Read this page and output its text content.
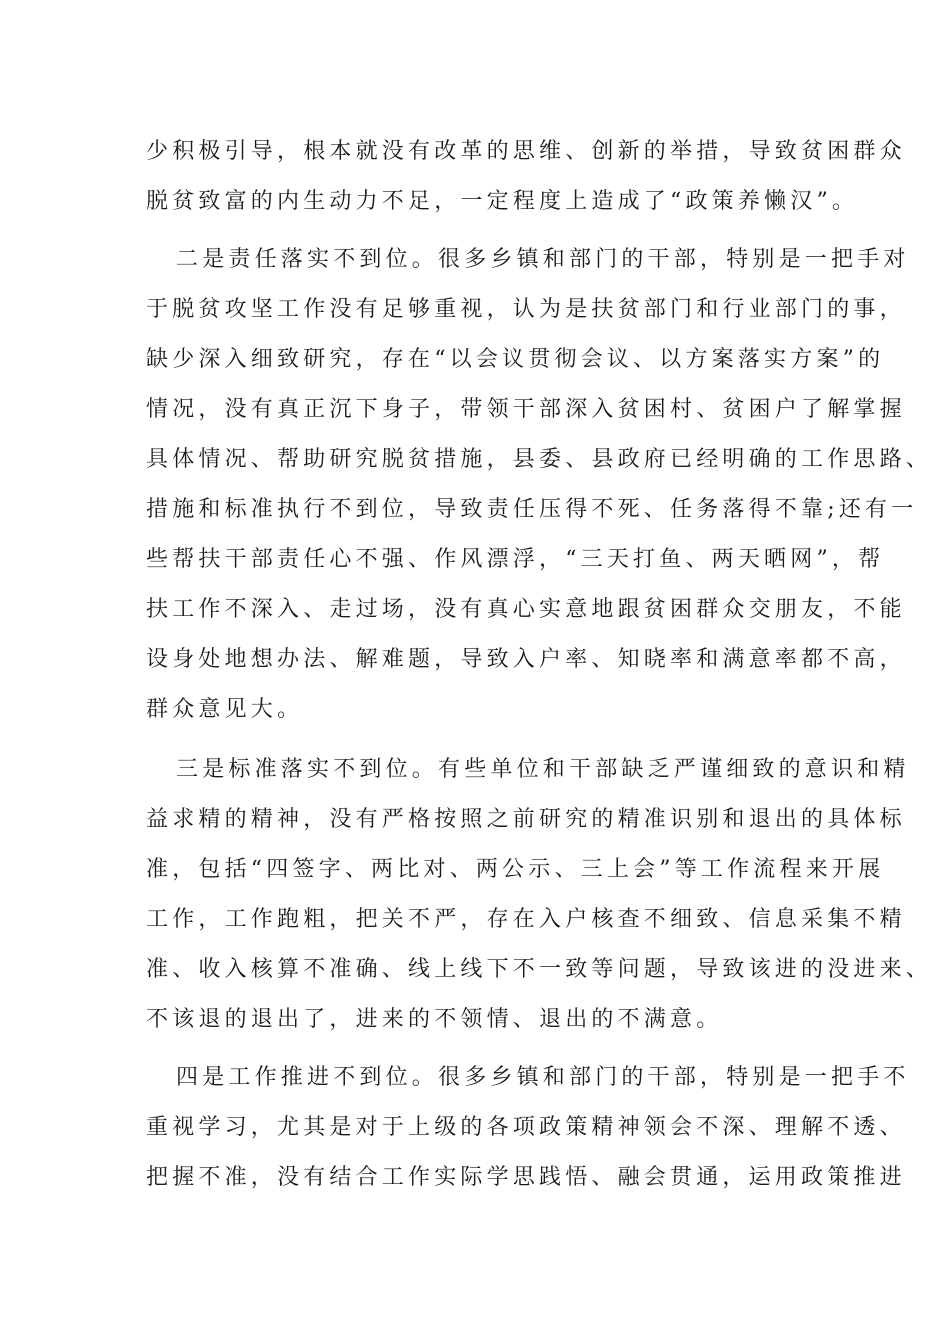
少积极引导，根本就没有改革的思维、创新的举措，导致贫困群众
脱贫致富的内生动力不足，一定程度上造成了“政策养懒汉”。
二是责任落实不到位。很多乡镇和部门的干部，特别是一把手对
于脱贫攻坚工作没有足够重视，认为是扶贫部门和行业部门的事，
缺少深入细致研究，存在“以会议贯彻会议、以方案落实方案”的
情况，没有真正沉下身子，带领干部深入贫困村、贫困户了解掌握
具体情况、帮助研究脱贫措施，县委、县政府已经明确的工作思路、
措施和标准执行不到位，导致责任压得不死、任务落得不靠;还有一
些帮扶干部责任心不强、作风漂浮，“三天打鱼、两天晒网”，帮
扶工作不深入、走过场，没有真心实意地跟贫困群众交朋友，不能
设身处地想办法、解难题，导致入户率、知晓率和满意率都不高，
群众意见大。
三是标准落实不到位。有些单位和干部缺乏严谨细致的意识和精
益求精的精神，没有严格按照之前研究的精准识别和退出的具体标
准，包括“四签字、两比对、两公示、三上会”等工作流程来开展
工作，工作跑粗，把关不严，存在入户核查不细致、信息采集不精
准、收入核算不准确、线上线下不一致等问题，导致该进的没进来、
不该退的退出了，进来的不领情、退出的不满意。
四是工作推进不到位。很多乡镇和部门的干部，特别是一把手不
重视学习，尤其是对于上级的各项政策精神领会不深、理解不透、
把握不准，没有结合工作实际学思践悟、融会贯通，运用政策推进
